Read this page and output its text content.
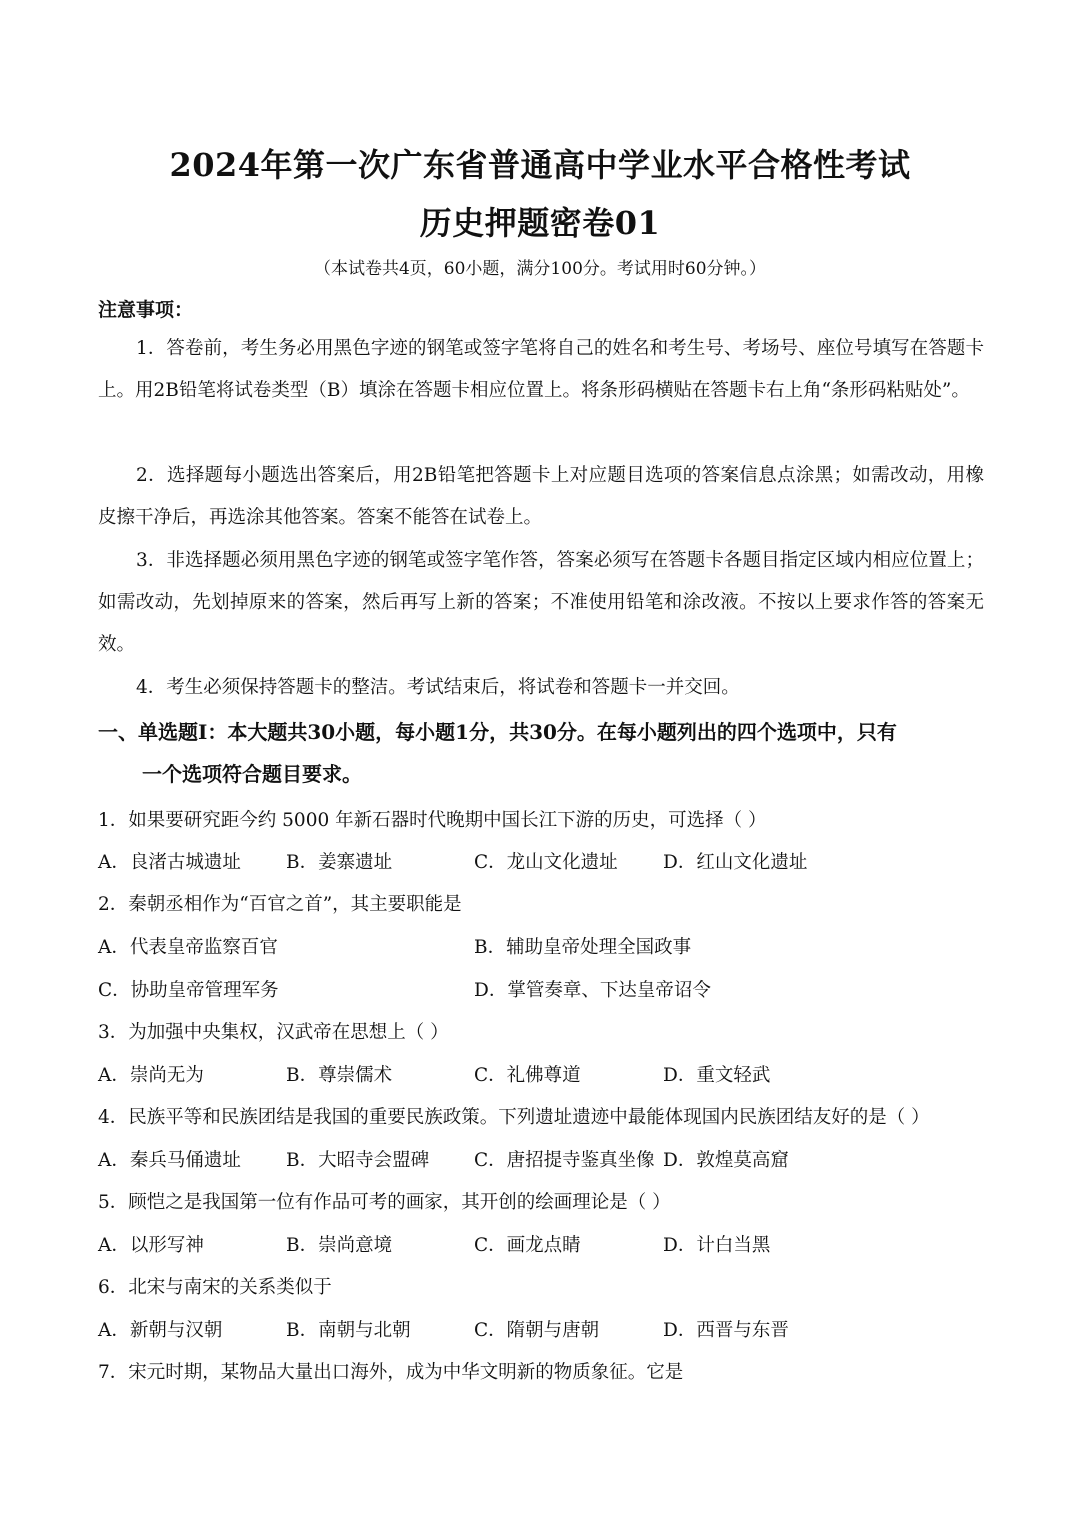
2024年第一次广东省普通高中学业水平合格性考试
历史押题密卷01
（本试卷共4页，60小题，满分100分。考试用时60分钟。）
注意事项：
1．答卷前，考生务必用黑色字迹的钢笔或签字笔将自己的姓名和考生号、考场号、座位号填写在答题卡上。用2B铅笔将试卷类型（B）填涂在答题卡相应位置上。将条形码横贴在答题卡右上角“条形码粘贴处”。
2．选择题每小题选出答案后，用2B铅笔把答题卡上对应题目选项的答案信息点涂黑；如需改动，用橡皮擦干净后，再选涂其他答案。答案不能答在试卷上。
3．非选择题必须用黑色字迹的钢笔或签字笔作答，答案必须写在答题卡各题目指定区域内相应位置上；如需改动，先划掉原来的答案，然后再写上新的答案；不准使用铅笔和涂改液。不按以上要求作答的答案无效。
4．考生必须保持答题卡的整洁。考试结束后，将试卷和答题卡一并交回。
一、单选题I：本大题共30小题，每小题1分，共30分。在每小题列出的四个选项中，只有
一个选项符合题目要求。
1．如果要研究距今约 5000 年新石器时代晚期中国长江下游的历史，可选择（ ）
A．良渚古城遗址 B．姜寨遗址	C．龙山文化遗址 D．红山文化遗址
2．秦朝丞相作为“百官之首”，其主要职能是
A．代表皇帝监察百官	B．辅助皇帝处理全国政事
C．协助皇帝管理军务	D．掌管奏章、下达皇帝诏令
3．为加强中央集权，汉武帝在思想上（ ）
A．崇尚无为	B．尊崇儒术	C．礼佛尊道	D．重文轻武
4．民族平等和民族团结是我国的重要民族政策。下列遗址遗迹中最能体现国内民族团结友好的是（ ）
A．秦兵马俑遗址 B．大昭寺会盟碑 C．唐招提寺鉴真坐像 D．敦煌莫高窟
5．顾恺之是我国第一位有作品可考的画家，其开创的绘画理论是（ ）
A．以形写神	B．崇尚意境	C．画龙点睛	D．计白当黑
6．北宋与南宋的关系类似于
A．新朝与汉朝	B．南朝与北朝	C．隋朝与唐朝	D．西晋与东晋
7．宋元时期，某物品大量出口海外，成为中华文明新的物质象征。它是
